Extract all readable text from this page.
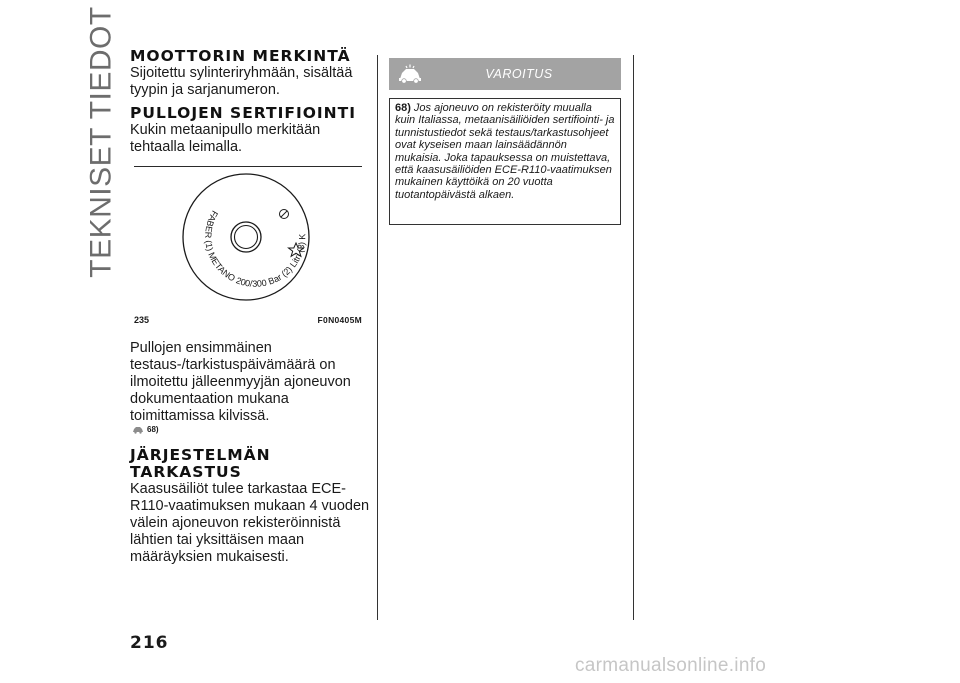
TEKNISET TIEDOT MOOTTORIN MERKINTÄ
Sijoitettu sylinteriryhmään, sisältää tyypin ja sarjanumeron.
PULLOJEN SERTIFIOINTI
Kukin metaanipullo merkitään tehtaalla leimalla.
FABER (1) METANO 200/300 Bar (2) Litri (3) K
235	F0N0405M
Pullojen ensimmäinen testaus-/tarkistuspäivämäärä on ilmoitettu jälleenmyyjän ajoneuvon dokumentaation mukana toimittamissa kilvissä.
68)
JÄRJESTELMÄN TARKASTUS
Kaasusäiliöt tulee tarkastaa ECE-R110-vaatimuksen mukaan 4 vuoden välein ajoneuvon rekisteröinnistä lähtien tai yksittäisen maan määräyksien mukaisesti.
VAROITUS
68) Jos ajoneuvo on rekisteröity muualla kuin Italiassa, metaanisäiliöiden sertifiointi- ja tunnistustiedot sekä testaus/tarkastusohjeet ovat kyseisen maan lainsäädännön mukaisia. Joka tapauksessa on muistettava, että kaasusäiliöiden ECE-R110-vaatimuksen mukainen käyttöikä on 20 vuotta tuotantopäivästä alkaen.
216
carmanualsonline.info
